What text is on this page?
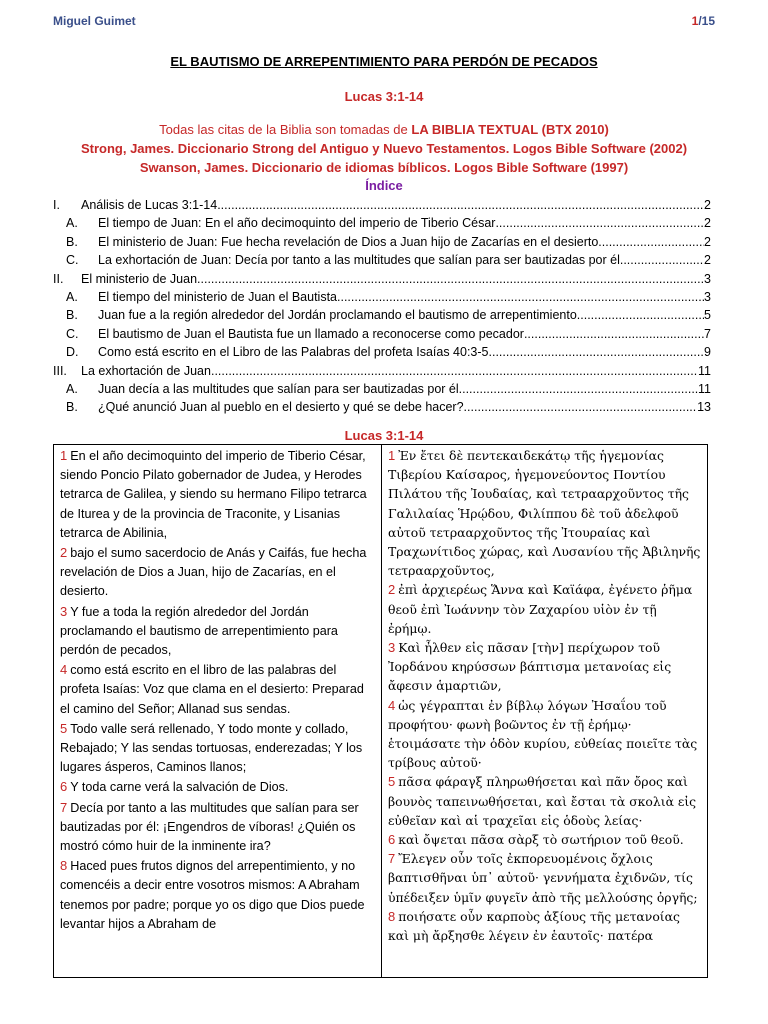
Miguel Guimet	1/15
EL BAUTISMO DE ARREPENTIMIENTO PARA PERDÓN DE PECADOS
Lucas 3:1-14
Todas las citas de la Biblia son tomadas de LA BIBLIA TEXTUAL (BTX 2010)
Strong, James. Diccionario Strong del Antiguo y Nuevo Testamentos. Logos Bible Software (2002)
Swanson, James. Diccionario de idiomas bíblicos. Logos Bible Software (1997)
Índice
I.	Análisis de Lucas 3:1-14 .....	2
A.	El tiempo de Juan: En el año decimoquinto del imperio de Tiberio César .....	2
B.	El ministerio de Juan: Fue hecha revelación de Dios a Juan hijo de Zacarías en el desierto .....	2
C.	La exhortación de Juan: Decía por tanto a las multitudes que salían para ser bautizadas por él .....	2
II.	El ministerio de Juan .....	3
A.	El tiempo del ministerio de Juan el Bautista .....	3
B.	Juan fue a la región alrededor del Jordán proclamando el bautismo de arrepentimiento .....	5
C.	El bautismo de Juan el Bautista fue un llamado a reconocerse como pecador .....	7
D.	Como está escrito en el Libro de las Palabras del profeta Isaías 40:3-5 .....	9
III.	La exhortación de Juan .....	11
A.	Juan decía a las multitudes que salían para ser bautizadas por él .....	11
B.	¿Qué anunció Juan al pueblo en el desierto y qué se debe hacer? .....	13
Lucas 3:1-14

1 En el año decimoquinto del imperio de Tiberio César, siendo Poncio Pilato gobernador de Judea, y Herodes tetrarca de Galilea, y siendo su hermano Filipo tetrarca de Iturea y de la provincia de Traconite, y Lisanias tetrarca de Abilinia,

2 bajo el sumo sacerdocio de Anás y Caifás, fue hecha revelación de Dios a Juan, hijo de Zacarías, en el desierto.

3 Y fue a toda la región alrededor del Jordán proclamando el bautismo de arrepentimiento para perdón de pecados,

4 como está escrito en el libro de las palabras del profeta Isaías: Voz que clama en el desierto: Preparad el camino del Señor; Allanad sus sendas.

5 Todo valle será rellenado, Y todo monte y collado, Rebajado; Y las sendas tortuosas, enderezadas; Y los lugares ásperos, Caminos llanos;

6 Y toda carne verá la salvación de Dios.

7 Decía por tanto a las multitudes que salían para ser bautizadas por él: ¡Engendros de víboras! ¿Quién os mostró cómo huir de la inminente ira?

8 Haced pues frutos dignos del arrepentimiento, y no comencéis a decir entre vosotros mismos: A Abraham tenemos por padre; porque yo os digo que Dios puede levantar hijos a Abraham de

1 Ἐν ἔτει δὲ πεντεκαιδεκάτῳ τῆς ἡγεμονίας Τιβερίου Καίσαρος, ἡγεμονεύοντος Ποντίου Πιλάτου τῆς Ἰουδαίας, καὶ τετρααρχοῦντος τῆς Γαλιλαίας Ἡρῴδου, Φιλίππου δὲ τοῦ ἀδελφοῦ αὐτοῦ τετρααρχοῦντος τῆς Ἰτουραίας καὶ Τραχωνίτιδος χώρας, καὶ Λυσανίου τῆς Ἀβιληνῆς τετρααρχοῦντος,

2 ἐπὶ ἀρχιερέως Ἅννα καὶ Καϊάφα, ἐγένετο ῥῆμα θεοῦ ἐπὶ Ἰωάννην τὸν Ζαχαρίου υἱὸν ἐν τῇ ἐρήμῳ.

3 Καὶ ἦλθεν εἰς πᾶσαν [τὴν] περίχωρον τοῦ Ἰορδάνου κηρύσσων βάπτισμα μετανοίας εἰς ἄφεσιν ἁμαρτιῶν,

4 ὡς γέγραπται ἐν βίβλῳ λόγων Ἠσαΐου τοῦ προφήτου· φωνὴ βοῶντος ἐν τῇ ἐρήμῳ· ἑτοιμάσατε τὴν ὁδὸν κυρίου, εὐθείας ποιεῖτε τὰς τρίβους αὐτοῦ·

5 πᾶσα φάραγξ πληρωθήσεται καὶ πᾶν ὄρος καὶ βουνὸς ταπεινωθήσεται, καὶ ἔσται τὰ σκολιὰ εἰς εὐθεῖαν καὶ αἱ τραχεῖαι εἰς ὁδοὺς λείας·

6 καὶ ὄψεται πᾶσα σὰρξ τὸ σωτήριον τοῦ θεοῦ.

7 Ἔλεγεν οὖν τοῖς ἐκπορευομένοις ὄχλοις βαπτισθῆναι ὑπ᾽ αὐτοῦ· γεννήματα ἐχιδνῶν, τίς ὑπέδειξεν ὑμῖν φυγεῖν ἀπὸ τῆς μελλούσης ὀργῆς;

8 ποιήσατε οὖν καρποὺς ἀξίους τῆς μετανοίας καὶ μὴ ἄρξησθε λέγειν ἐν ἑαυτοῖς· πατέρα
